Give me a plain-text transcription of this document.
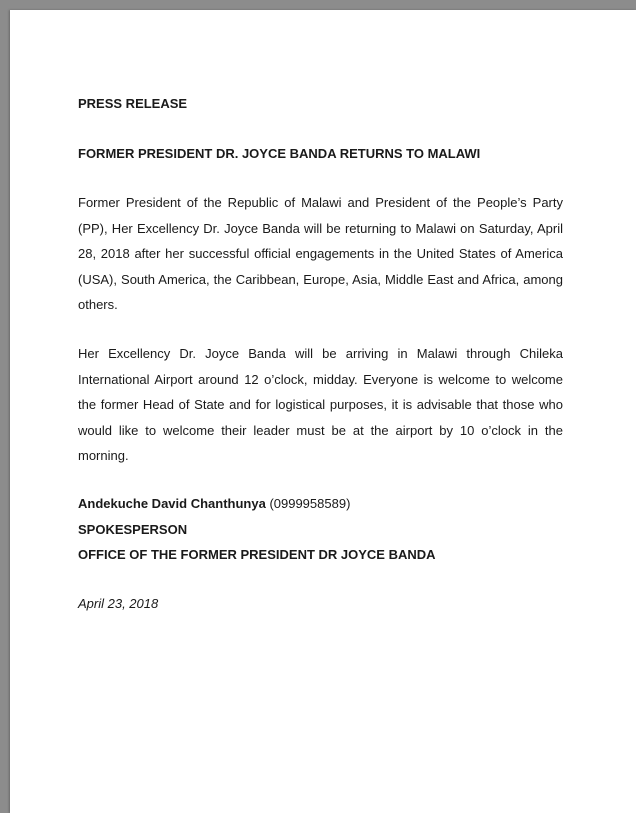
PRESS RELEASE

FORMER PRESIDENT DR. JOYCE BANDA RETURNS TO MALAWI

Former President of the Republic of Malawi and President of the People’s Party (PP), Her Excellency Dr. Joyce Banda will be returning to Malawi on Saturday, April 28, 2018 after her successful official engagements in the United States of America (USA), South America, the Caribbean, Europe, Asia, Middle East and Africa, among others.

Her Excellency Dr. Joyce Banda will be arriving in Malawi through Chileka International Airport around 12 o’clock, midday. Everyone is welcome to welcome the former Head of State and for logistical purposes, it is advisable that those who would like to welcome their leader must be at the airport by 10 o’clock in the morning.

Andekuche David Chanthunya (0999958589)

SPOKESPERSON

OFFICE OF THE FORMER PRESIDENT DR JOYCE BANDA

April 23, 2018
